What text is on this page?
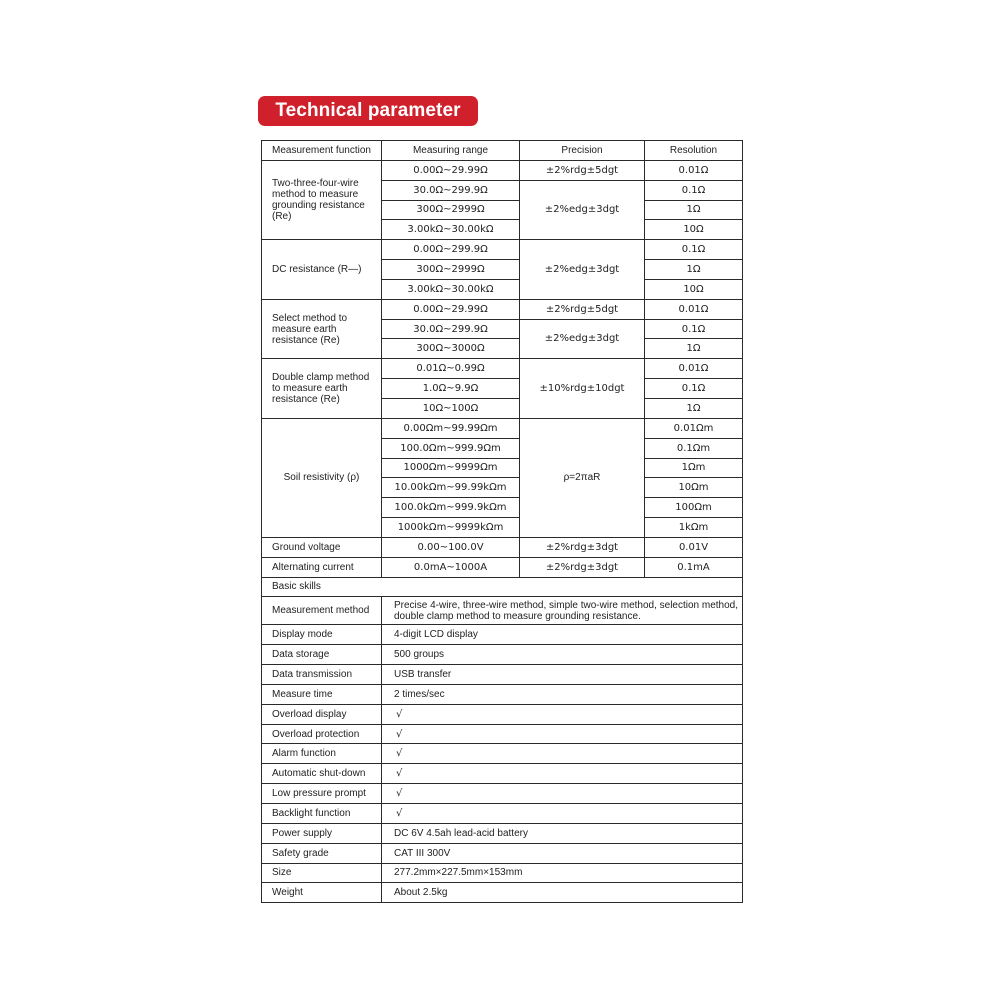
Technical parameter
Measurement function	Measuring range	Precision	Resolution
Two-three-four-wire method to measure grounding resistance (Re)	0.00Ω~29.99Ω	±2%rdg±5dgt	0.01Ω
	30.0Ω~299.9Ω	±2%edg±3dgt	0.1Ω
	300Ω~2999Ω		1Ω
	3.00kΩ~30.00kΩ		10Ω
DC resistance (R—)	0.00Ω~299.9Ω	±2%edg±3dgt	0.1Ω
	300Ω~2999Ω		1Ω
	3.00kΩ~30.00kΩ		10Ω
Select method to measure earth resistance (Re)	0.00Ω~29.99Ω	±2%rdg±5dgt	0.01Ω
	30.0Ω~299.9Ω	±2%edg±3dgt	0.1Ω
	300Ω~3000Ω		1Ω
Double clamp method to measure earth resistance (Re)	0.01Ω~0.99Ω	±10%rdg±10dgt	0.01Ω
	1.0Ω~9.9Ω		0.1Ω
	10Ω~100Ω		1Ω
Soil resistivity (ρ)	0.00Ωm~99.99Ωm	ρ=2πaR	0.01Ωm
	100.0Ωm~999.9Ωm		0.1Ωm
	1000Ωm~9999Ωm		1Ωm
	10.00kΩm~99.99kΩm		10Ωm
	100.0kΩm~999.9kΩm		100Ωm
	1000kΩm~9999kΩm		1kΩm
Ground voltage	0.00~100.0V	±2%rdg±3dgt	0.01V
Alternating current	0.0mA~1000A	±2%rdg±3dgt	0.1mA
Basic skills			
Measurement method	Precise 4-wire, three-wire method, simple two-wire method, selection method, double clamp method to measure grounding resistance.		
Display mode	4-digit LCD display		
Data storage	500 groups		
Data transmission	USB transfer		
Measure time	2 times/sec		
Overload display	√		
Overload protection	√		
Alarm function	√		
Automatic shut-down	√		
Low pressure prompt	√		
Backlight function	√		
Power supply	DC 6V 4.5ah lead-acid battery		
Safety grade	CAT III 300V		
Size	277.2mm×227.5mm×153mm		
Weight	About 2.5kg		
